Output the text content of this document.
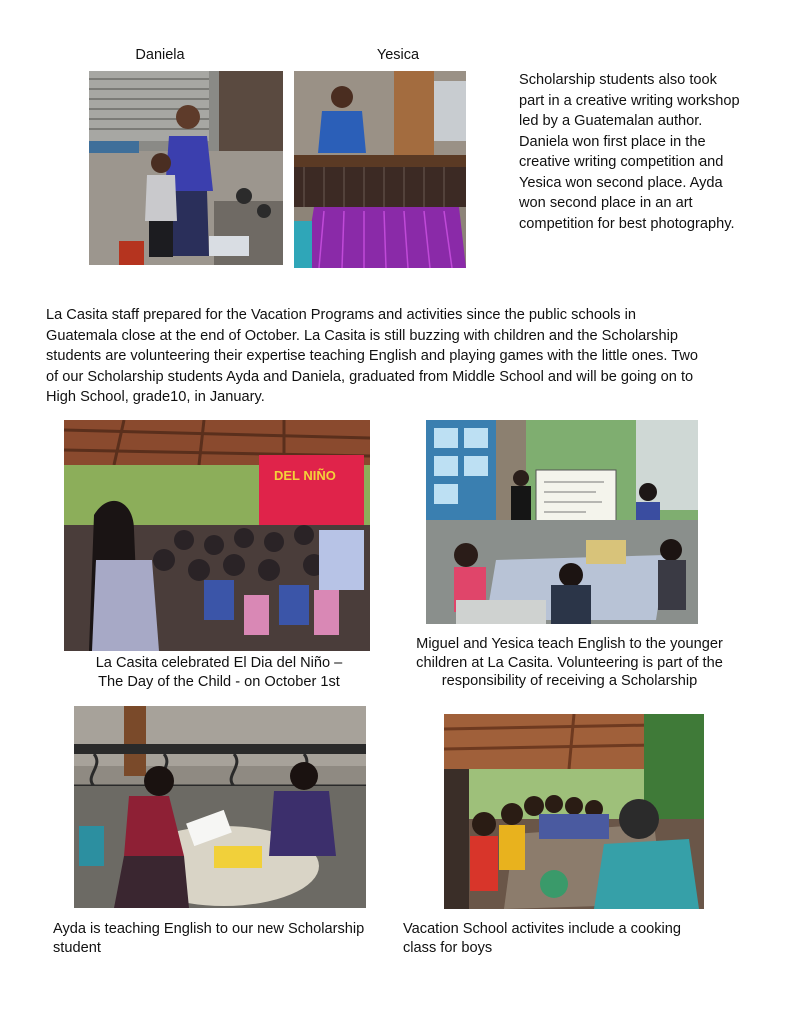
Daniela	Yesica
Scholarship students also took
part in a creative writing workshop
led by a Guatemalan author.
Daniela won first place in the
creative writing competition and
Yesica won second place. Ayda
won second place in an art
competition for best photography.
La Casita staff prepared for the Vacation Programs and activities since the public schools in
Guatemala close at the end of October. La Casita is still buzzing with children and the Scholarship
students are volunteering their expertise teaching English and playing games with the little ones. Two
of our Scholarship students Ayda and Daniela, graduated from Middle School and will be going on to
High School, grade10, in January.
DEL NIÑO
La Casita celebrated El Dia del Niño –
The Day of the Child - on October 1st
Miguel and Yesica teach English to the younger
children at La Casita. Volunteering is part of the
responsibility of receiving a Scholarship
Ayda is teaching English to our new Scholarship
student
Vacation School activites include a cooking
class for boys
